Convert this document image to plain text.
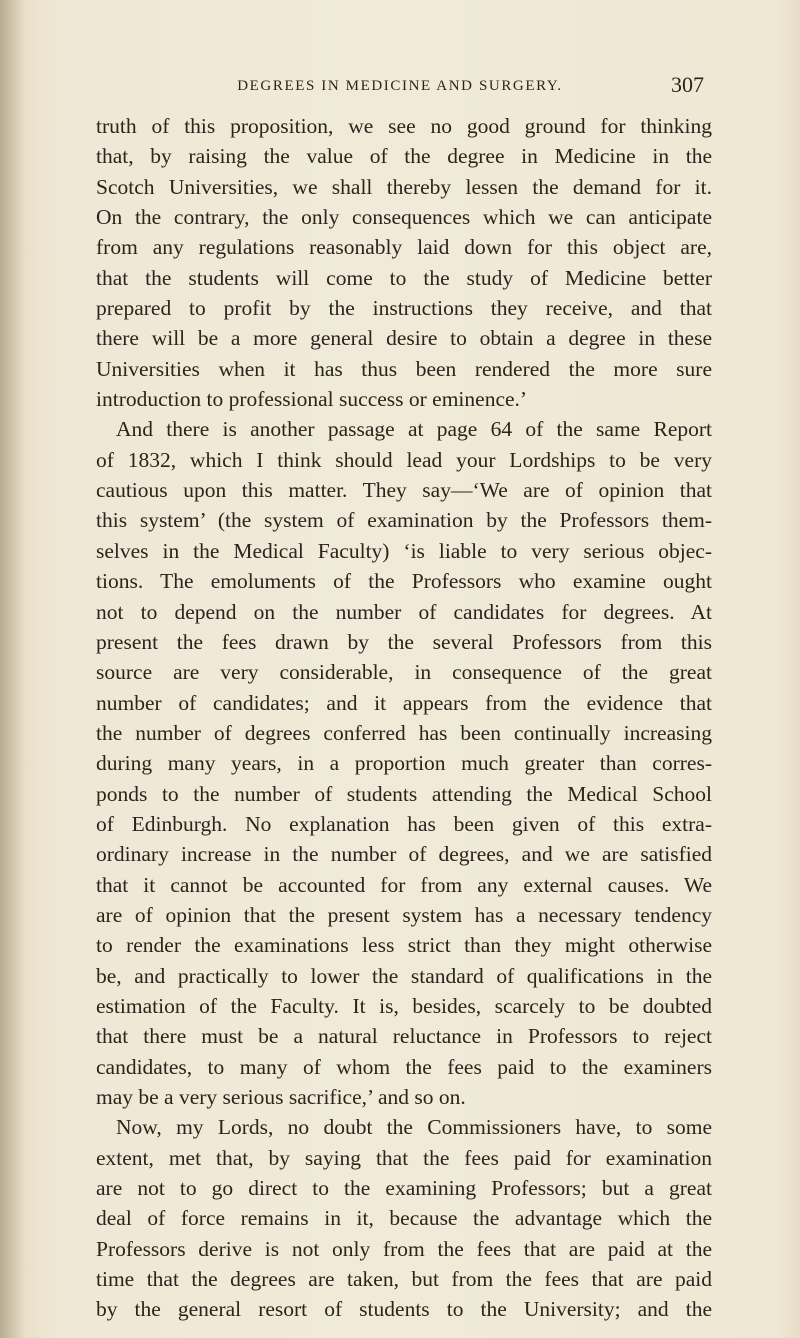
DEGREES IN MEDICINE AND SURGERY.	307
truth of this proposition, we see no good ground for thinking
that, by raising the value of the degree in Medicine in the
Scotch Universities, we shall thereby lessen the demand for it.
On the contrary, the only consequences which we can anticipate
from any regulations reasonably laid down for this object are,
that the students will come to the study of Medicine better
prepared to profit by the instructions they receive, and that
there will be a more general desire to obtain a degree in these
Universities when it has thus been rendered the more sure
introduction to professional success or eminence.’
And there is another passage at page 64 of the same Report
of 1832, which I think should lead your Lordships to be very
cautious upon this matter. They say—‘We are of opinion that
this system’ (the system of examination by the Professors them-
selves in the Medical Faculty) ‘is liable to very serious objec-
tions. The emoluments of the Professors who examine ought
not to depend on the number of candidates for degrees. At
present the fees drawn by the several Professors from this
source are very considerable, in consequence of the great
number of candidates; and it appears from the evidence that
the number of degrees conferred has been continually increasing
during many years, in a proportion much greater than corres-
ponds to the number of students attending the Medical School
of Edinburgh. No explanation has been given of this extra-
ordinary increase in the number of degrees, and we are satisfied
that it cannot be accounted for from any external causes. We
are of opinion that the present system has a necessary tendency
to render the examinations less strict than they might otherwise
be, and practically to lower the standard of qualifications in the
estimation of the Faculty. It is, besides, scarcely to be doubted
that there must be a natural reluctance in Professors to reject
candidates, to many of whom the fees paid to the examiners
may be a very serious sacrifice,’ and so on.
Now, my Lords, no doubt the Commissioners have, to some
extent, met that, by saying that the fees paid for examination
are not to go direct to the examining Professors; but a great
deal of force remains in it, because the advantage which the
Professors derive is not only from the fees that are paid at the
time that the degrees are taken, but from the fees that are paid
by the general resort of students to the University; and the
